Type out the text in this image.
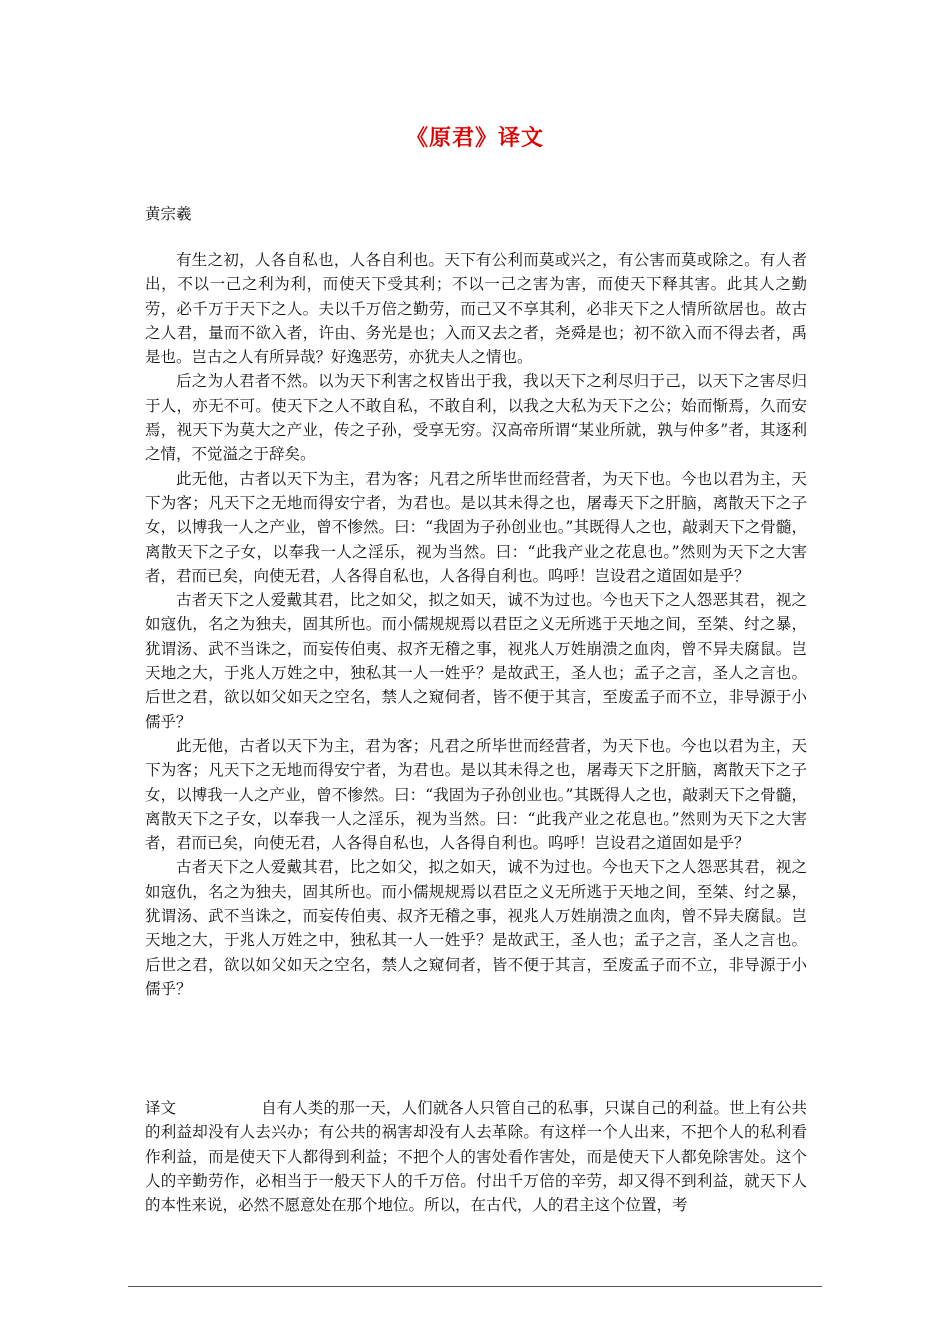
《原君》译文
黄宗羲

有生之初，人各自私也，人各自利也。天下有公利而莫或兴之，有公害而莫或除之。有人者出，不以一己之利为利，而使天下受其利；不以一己之害为害，而使天下释其害。此其人之勤劳，必千万于天下之人。夫以千万倍之勤劳，而己又不享其利，必非天下之人情所欲居也。故古之人君，量而不欲入者，许由、务光是也；入而又去之者，尧舜是也；初不欲入而不得去者，禹是也。岂古之人有所异哉？好逸恶劳，亦犹夫人之情也。

后之为人君者不然。以为天下利害之权皆出于我，我以天下之利尽归于己，以天下之害尽归于人，亦无不可。使天下之人不敢自私，不敢自利，以我之大私为天下之公；始而惭焉，久而安焉，视天下为莫大之产业，传之子孙，受享无穷。汉高帝所谓“某业所就，孰与仲多”者，其逐利之情，不觉溢之于辞矣。

此无他，古者以天下为主，君为客；凡君之所毕世而经营者，为天下也。今也以君为主，天下为客；凡天下之无地而得安宁者，为君也。是以其未得之也，屠毒天下之肝脑，离散天下之子女，以博我一人之产业，曾不惨然。曰：“我固为子孙创业也。”其既得人之也，敲剥天下之骨髓，离散天下之子女，以奉我一人之淫乐，视为当然。曰：“此我产业之花息也。”然则为天下之大害者，君而已矣，向使无君，人各得自私也，人各得自利也。呜呼！岂设君之道固如是乎？

古者天下之人爱戴其君，比之如父，拟之如天，诚不为过也。今也天下之人怨恶其君，视之如寇仇，名之为独夫，固其所也。而小儒规规焉以君臣之义无所逃于天地之间，至桀、纣之暴，犹谓汤、武不当诛之，而妄传伯夷、叔齐无稽之事，视兆人万姓崩溃之血肉，曾不异夫腐鼠。岂天地之大，于兆人万姓之中，独私其一人一姓乎？是故武王，圣人也；孟子之言，圣人之言也。后世之君，欲以如父如天之空名，禁人之窥伺者，皆不便于其言，至废孟子而不立，非导源于小儒乎？

此无他，古者以天下为主，君为客；凡君之所毕世而经营者，为天下也。今也以君为主，天下为客；凡天下之无地而得安宁者，为君也。是以其未得之也，屠毒天下之肝脑，离散天下之子女，以博我一人之产业，曾不惨然。曰：“我固为子孙创业也。”其既得人之也，敲剥天下之骨髓，离散天下之子女，以奉我一人之淫乐，视为当然。曰：“此我产业之花息也。”然则为天下之大害者，君而已矣，向使无君，人各得自私也，人各得自利也。呜呼！岂设君之道固如是乎？

古者天下之人爱戴其君，比之如父，拟之如天，诚不为过也。今也天下之人怨恶其君，视之如寇仇，名之为独夫，固其所也。而小儒规规焉以君臣之义无所逃于天地之间，至桀、纣之暴，犹谓汤、武不当诛之，而妄传伯夷、叔齐无稽之事，视兆人万姓崩溃之血肉，曾不异夫腐鼠。岂天地之大，于兆人万姓之中，独私其一人一姓乎？是故武王，圣人也；孟子之言，圣人之言也。后世之君，欲以如父如天之空名，禁人之窥伺者，皆不便于其言，至废孟子而不立，非导源于小儒乎？

译文	自有人类的那一天，人们就各人只管自己的私事，只谋自己的利益。世上有公共的利益却没有人去兴办；有公共的祸害却没有人去革除。有这样一个人出来，不把个人的私利看作利益，而是使天下人都得到利益；不把个人的害处看作害处，而是使天下人都免除害处。这个人的辛勤劳作，必相当于一般天下人的千万倍。付出千万倍的辛劳，却又得不到利益，就天下人的本性来说，必然不愿意处在那个地位。所以，在古代，人的君主这个位置，考
